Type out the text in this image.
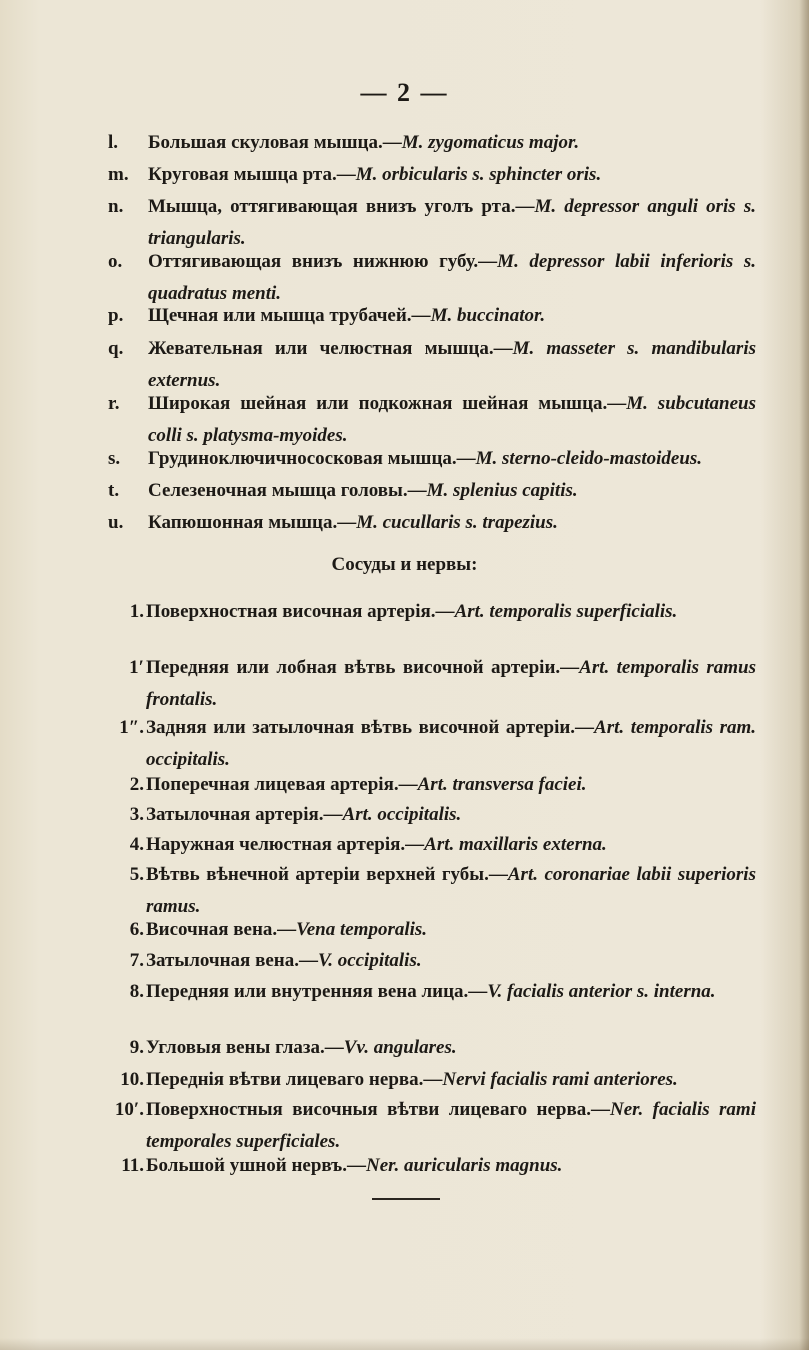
— 2 —
l.	Большая скуловая мышца.—M. zygomaticus major.
m.	Круговая мышца рта.—M. orbicularis s. sphincter oris.
n.	Мышца, оттягивающая внизъ уголъ рта.—M. depressor anguli oris s. triangularis.
o.	Оттягивающая внизъ нижнюю губу.—M. depressor labii inferioris s. quadratus menti.
p.	Щечная или мышца трубачей.—M. buccinator.
q.	Жевательная или челюстная мышца.—M. masseter s. mandibularis externus.
r.	Широкая шейная или подкожная шейная мышца.—M. subcutaneus colli s. platysma-myoides.
s.	Грудиноключичнососковая мышца.—M. sterno-cleido-mastoideus.
t.	Селезеночная мышца головы.—M. splenius capitis.
u.	Капюшонная мышца.—M. cucullaris s. trapezius.
Сосуды и нервы:
1. Поверхностная височная артерія.—Art. temporalis superficialis.
1′ Передняя или лобная вѣтвь височной артеріи.—Art. temporalis ramus frontalis.
1″. Задняя или затылочная вѣтвь височной артеріи.—Art. temporalis ram. occipitalis.
2. Поперечная лицевая артерія.—Art. transversa faciei.
3. Затылочная артерія.—Art. occipitalis.
4. Наружная челюстная артерія.—Art. maxillaris externa.
5. Вѣтвь вѣнечной артеріи верхней губы.—Art. coronariae labii superioris ramus.
6. Височная вена.—Vena temporalis.
7. Затылочная вена.—V. occipitalis.
8. Передняя или внутренняя вена лица.—V. facialis anterior s. interna.
9. Угловыя вены глаза.—Vv. angulares.
10. Переднія вѣтви лицеваго нерва.—Nervi facialis rami anteriores.
10′. Поверхностныя височныя вѣтви лицеваго нерва.—Ner. facialis rami temporales superficiales.
11. Большой ушной нервъ.—Ner. auricularis magnus.
